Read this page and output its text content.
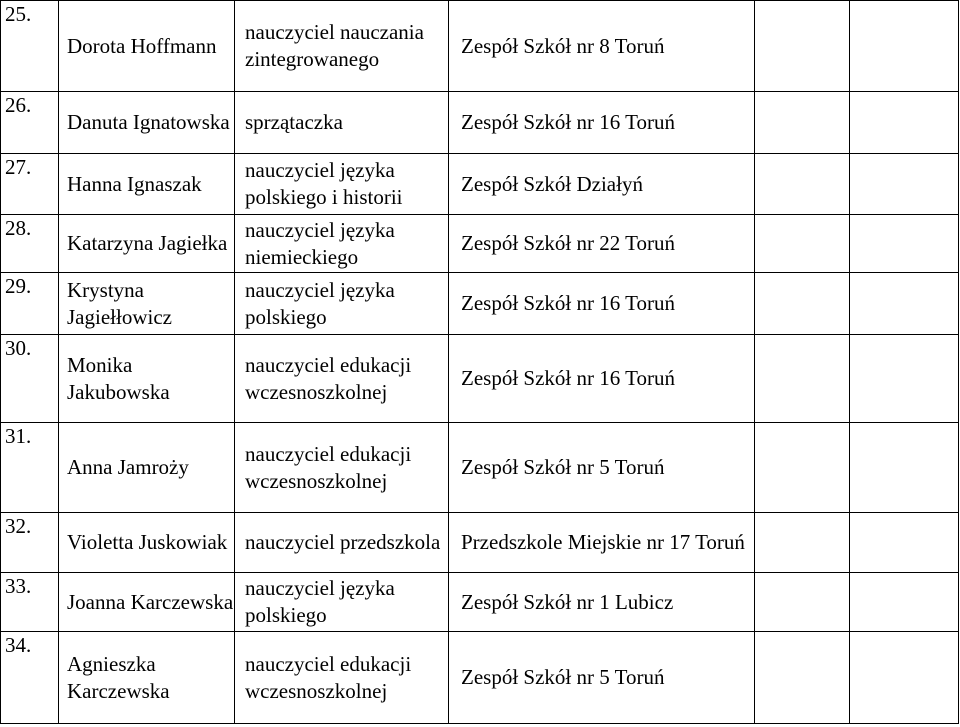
25.	Dorota Hoffmann	nauczyciel nauczania zintegrowanego	Zespół Szkół nr 8 Toruń		
26.	Danuta Ignatowska	sprzątaczka	Zespół Szkół nr 16 Toruń		
27.	Hanna Ignaszak	nauczyciel języka polskiego i historii	Zespół Szkół Działyń		
28.	Katarzyna Jagiełka	nauczyciel języka niemieckiego	Zespół Szkół nr 22 Toruń		
29.	Krystyna Jagiełłowicz	nauczyciel języka polskiego	Zespół Szkół nr 16 Toruń		
30.	Monika Jakubowska	nauczyciel edukacji wczesnoszkolnej	Zespół Szkół nr 16 Toruń		
31.	Anna Jamroży	nauczyciel edukacji wczesnoszkolnej	Zespół Szkół nr 5 Toruń		
32.	Violetta Juskowiak	nauczyciel przedszkola	Przedszkole Miejskie nr 17 Toruń		
33.	Joanna Karczewska	nauczyciel języka polskiego	Zespół Szkół nr 1 Lubicz		
34.	Agnieszka Karczewska	nauczyciel edukacji wczesnoszkolnej	Zespół Szkół nr 5 Toruń		
